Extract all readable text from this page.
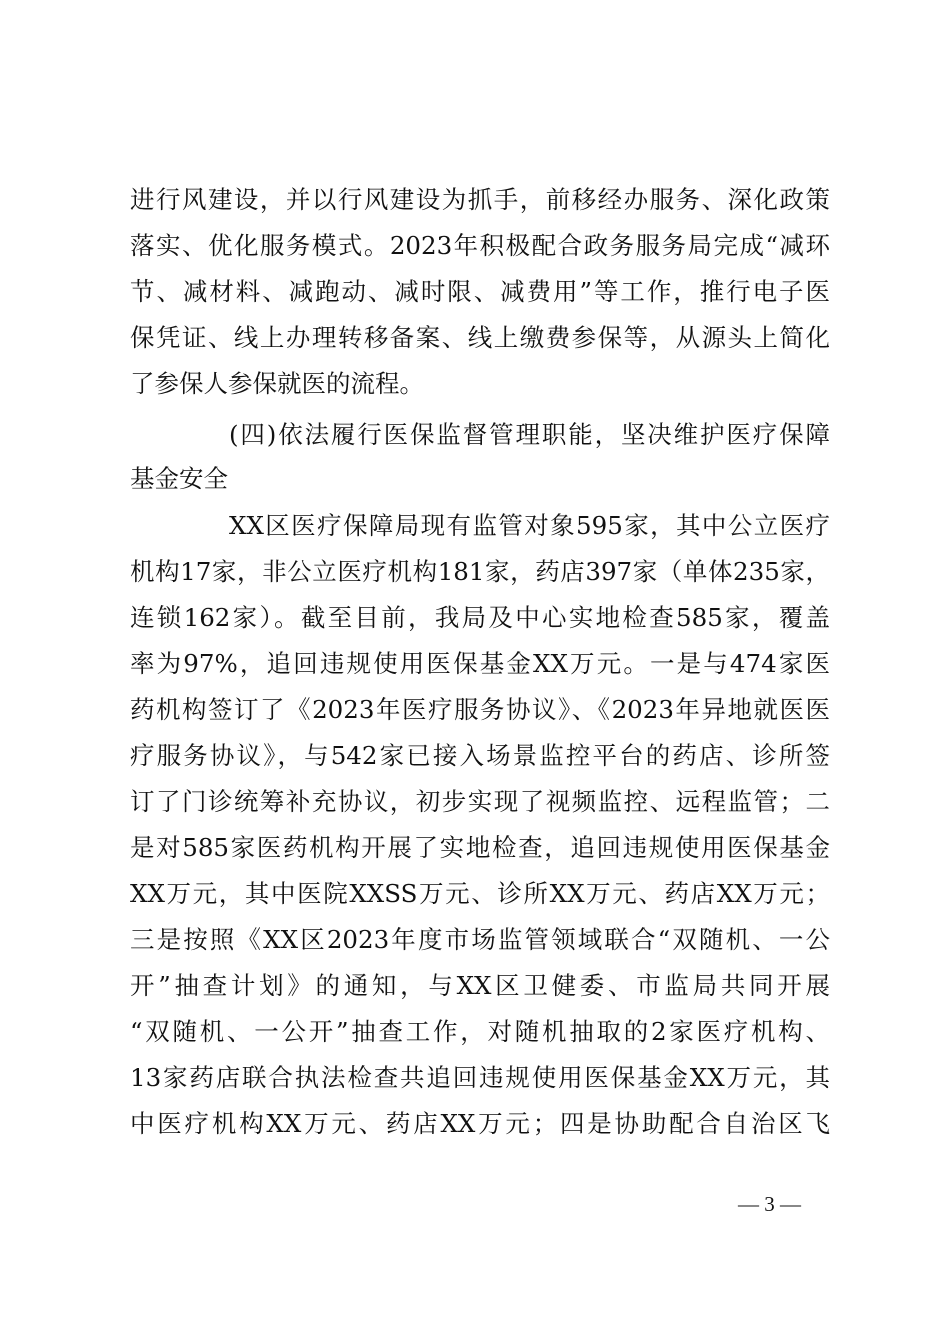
进行风建设，并以行风建设为抓手，前移经办服务、深化政策
落实、优化服务模式。2023年积极配合政务服务局完成“减环
节、减材料、减跑动、减时限、减费用”等工作，推行电子医
保凭证、线上办理转移备案、线上缴费参保等，从源头上简化
了参保人参保就医的流程。
(四)依法履行医保监督管理职能，坚决维护医疗保障
基金安全
XX区医疗保障局现有监管对象595家，其中公立医疗
机构17家，非公立医疗机构181家，药店397家（单体235家，
连锁162家）。截至目前，我局及中心实地检查585家，覆盖
率为97%，追回违规使用医保基金XX万元。一是与474家医
药机构签订了《2023年医疗服务协议》、《2023年异地就医医
疗服务协议》，与542家已接入场景监控平台的药店、诊所签
订了门诊统筹补充协议，初步实现了视频监控、远程监管；二
是对585家医药机构开展了实地检查，追回违规使用医保基金
XX万元，其中医院XXSS万元、诊所XX万元、药店XX万元；
三是按照《XX区2023年度市场监管领域联合“双随机、一公
开”抽查计划》的通知，与XX区卫健委、市监局共同开展
“双随机、一公开”抽查工作，对随机抽取的2家医疗机构、
13家药店联合执法检查共追回违规使用医保基金XX万元，其
中医疗机构XX万元、药店XX万元；四是协助配合自治区飞
— 3 —
